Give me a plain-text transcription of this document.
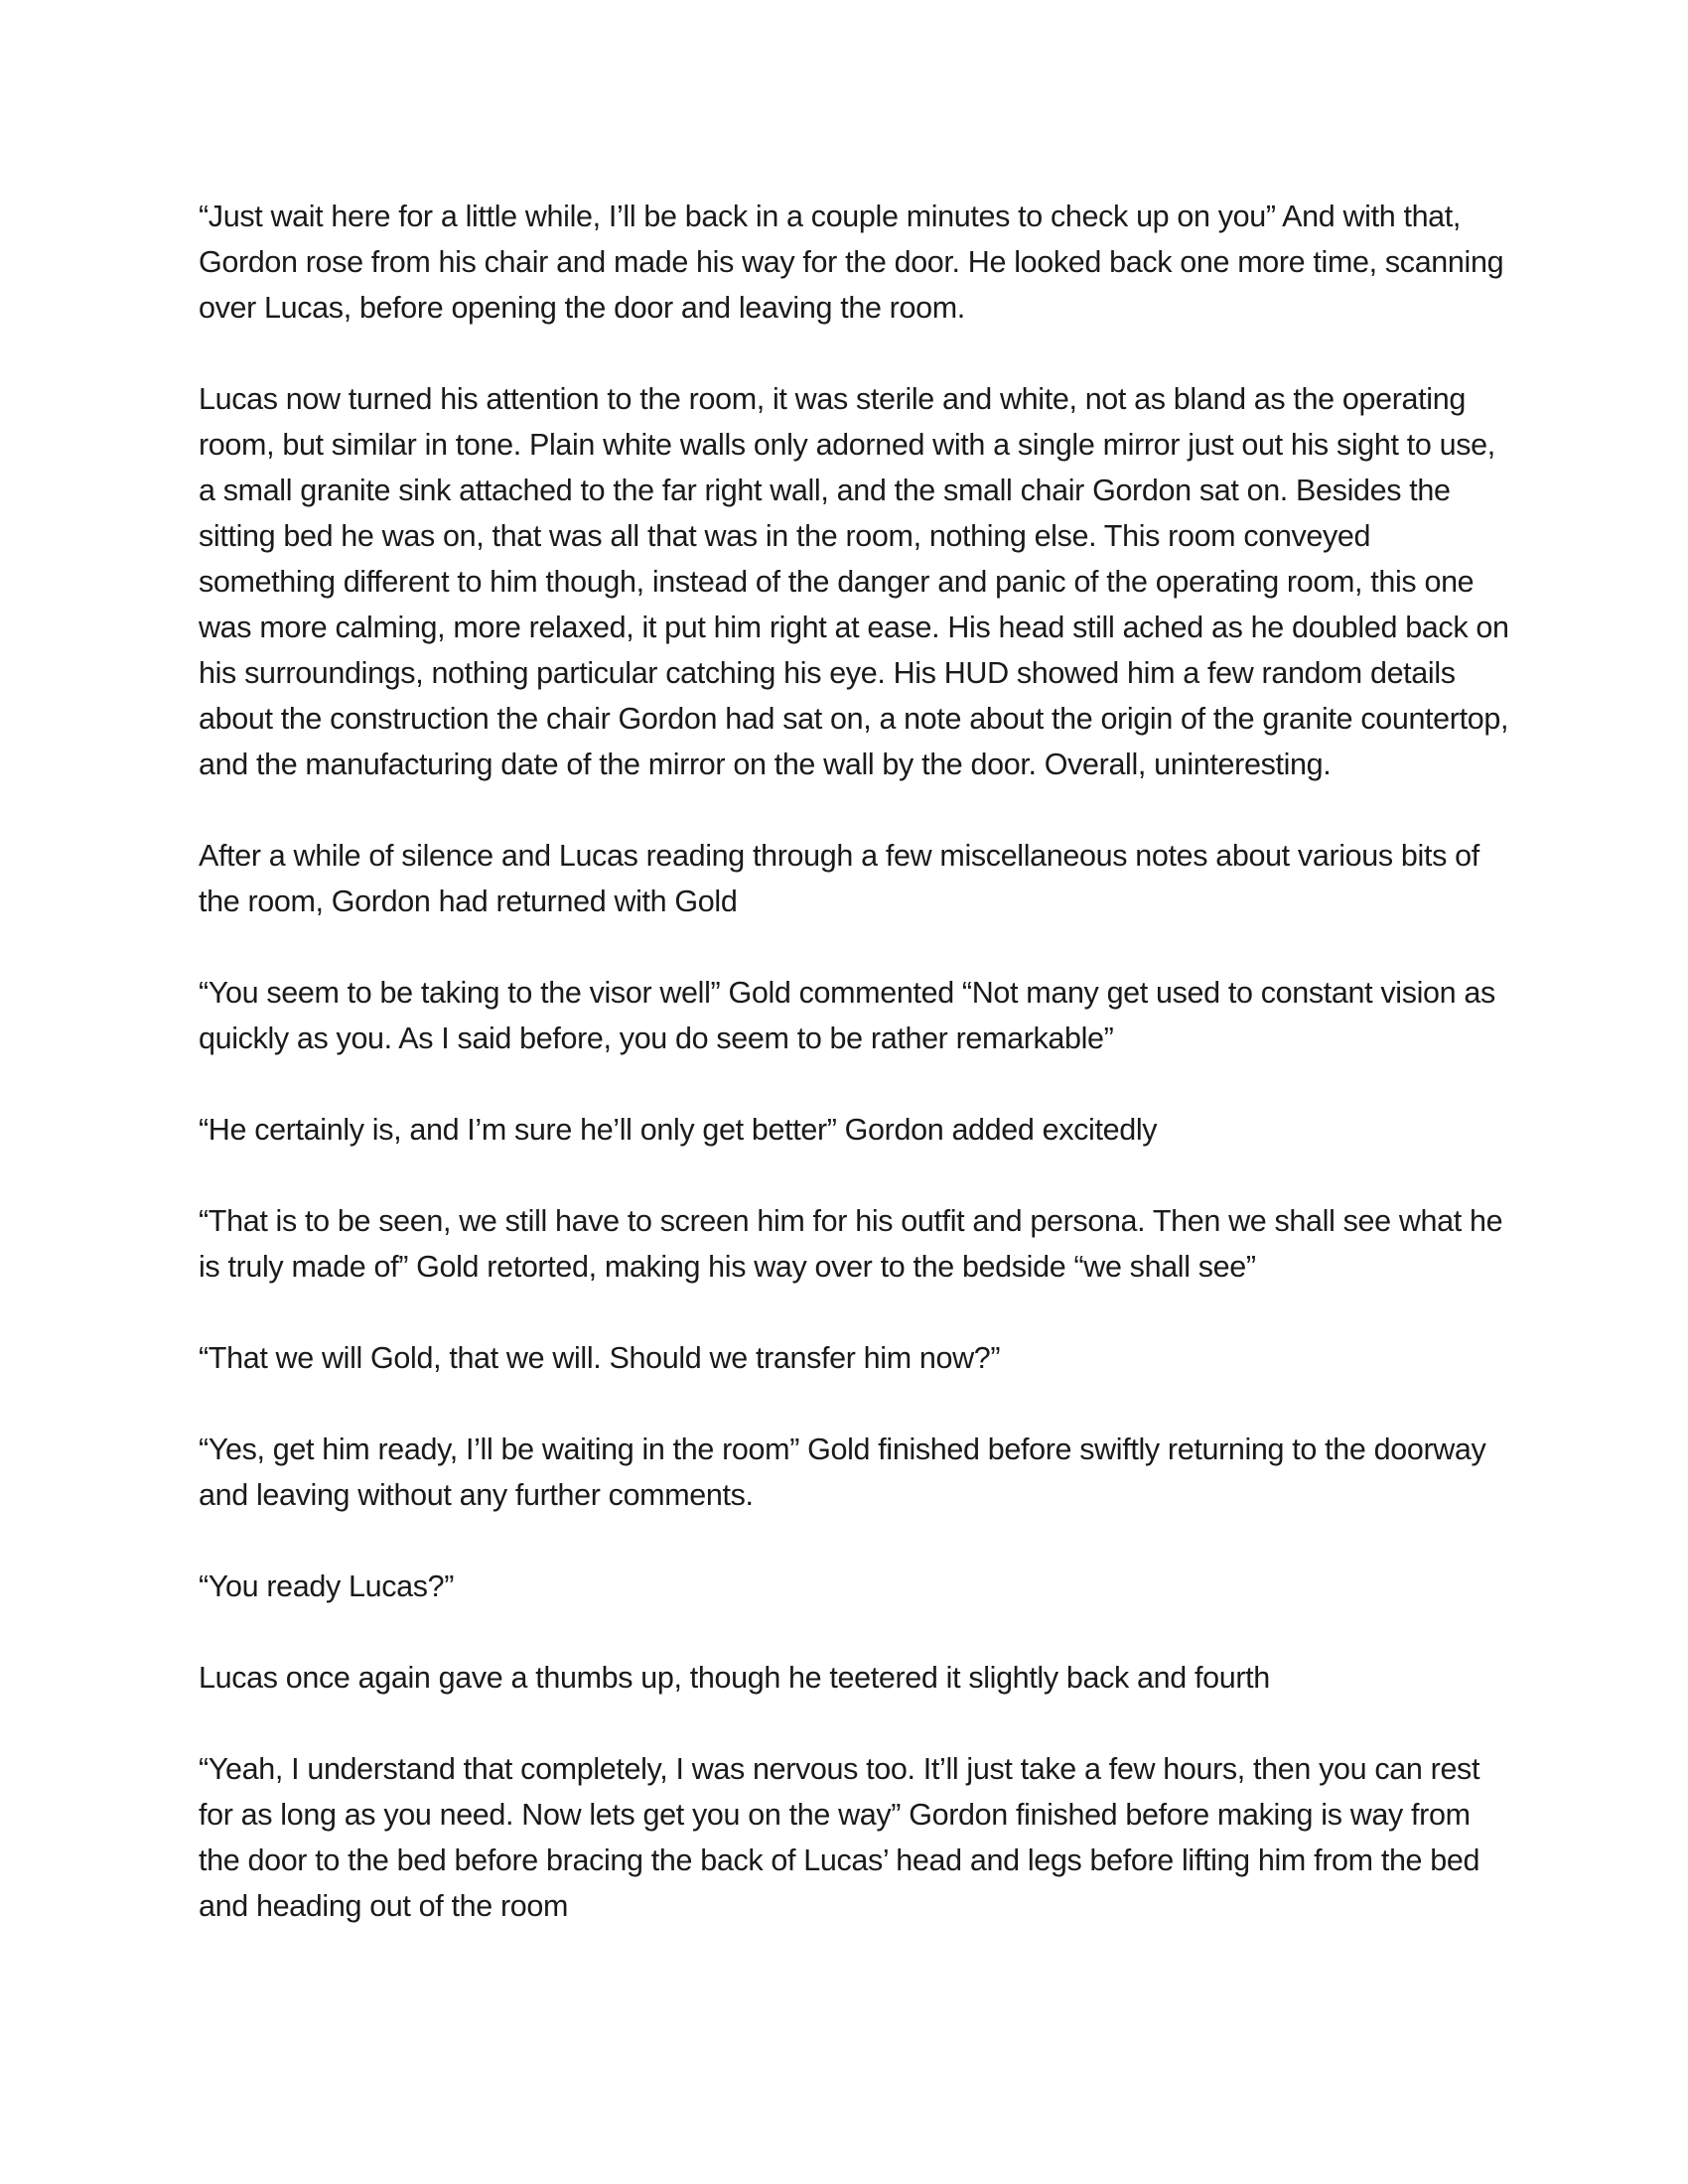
“Just wait here for a little while, I’ll be back in a couple minutes to check up on you” And with that, Gordon rose from his chair and made his way for the door. He looked back one more time, scanning over Lucas, before opening the door and leaving the room.

Lucas now turned his attention to the room, it was sterile and white, not as bland as the operating room, but similar in tone. Plain white walls only adorned with a single mirror just out his sight to use, a small granite sink attached to the far right wall, and the small chair Gordon sat on. Besides the sitting bed he was on, that was all that was in the room, nothing else. This room conveyed something different to him though, instead of the danger and panic of the operating room, this one was more calming, more relaxed, it put him right at ease. His head still ached as he doubled back on his surroundings, nothing particular catching his eye. His HUD showed him a few random details about the construction the chair Gordon had sat on, a note about the origin of the granite countertop, and the manufacturing date of the mirror on the wall by the door. Overall, uninteresting.

After a while of silence and Lucas reading through a few miscellaneous notes about various bits of the room, Gordon had returned with Gold

“You seem to be taking to the visor well” Gold commented “Not many get used to constant vision as quickly as you. As I said before, you do seem to be rather remarkable”

“He certainly is, and I’m sure he’ll only get better” Gordon added excitedly

“That is to be seen, we still have to screen him for his outfit and persona. Then we shall see what he is truly made of” Gold retorted, making his way over to the bedside “we shall see”

“That we will Gold, that we will. Should we transfer him now?”

“Yes, get him ready, I’ll be waiting in the room” Gold finished before swiftly returning to the doorway and leaving without any further comments.

“You ready Lucas?”

Lucas once again gave a thumbs up, though he teetered it slightly back and fourth

“Yeah, I understand that completely, I was nervous too. It’ll just take a few hours, then you can rest for as long as you need. Now lets get you on the way” Gordon finished before making is way from the door to the bed before bracing the back of Lucas’ head and legs before lifting him from the bed and heading out of the room
